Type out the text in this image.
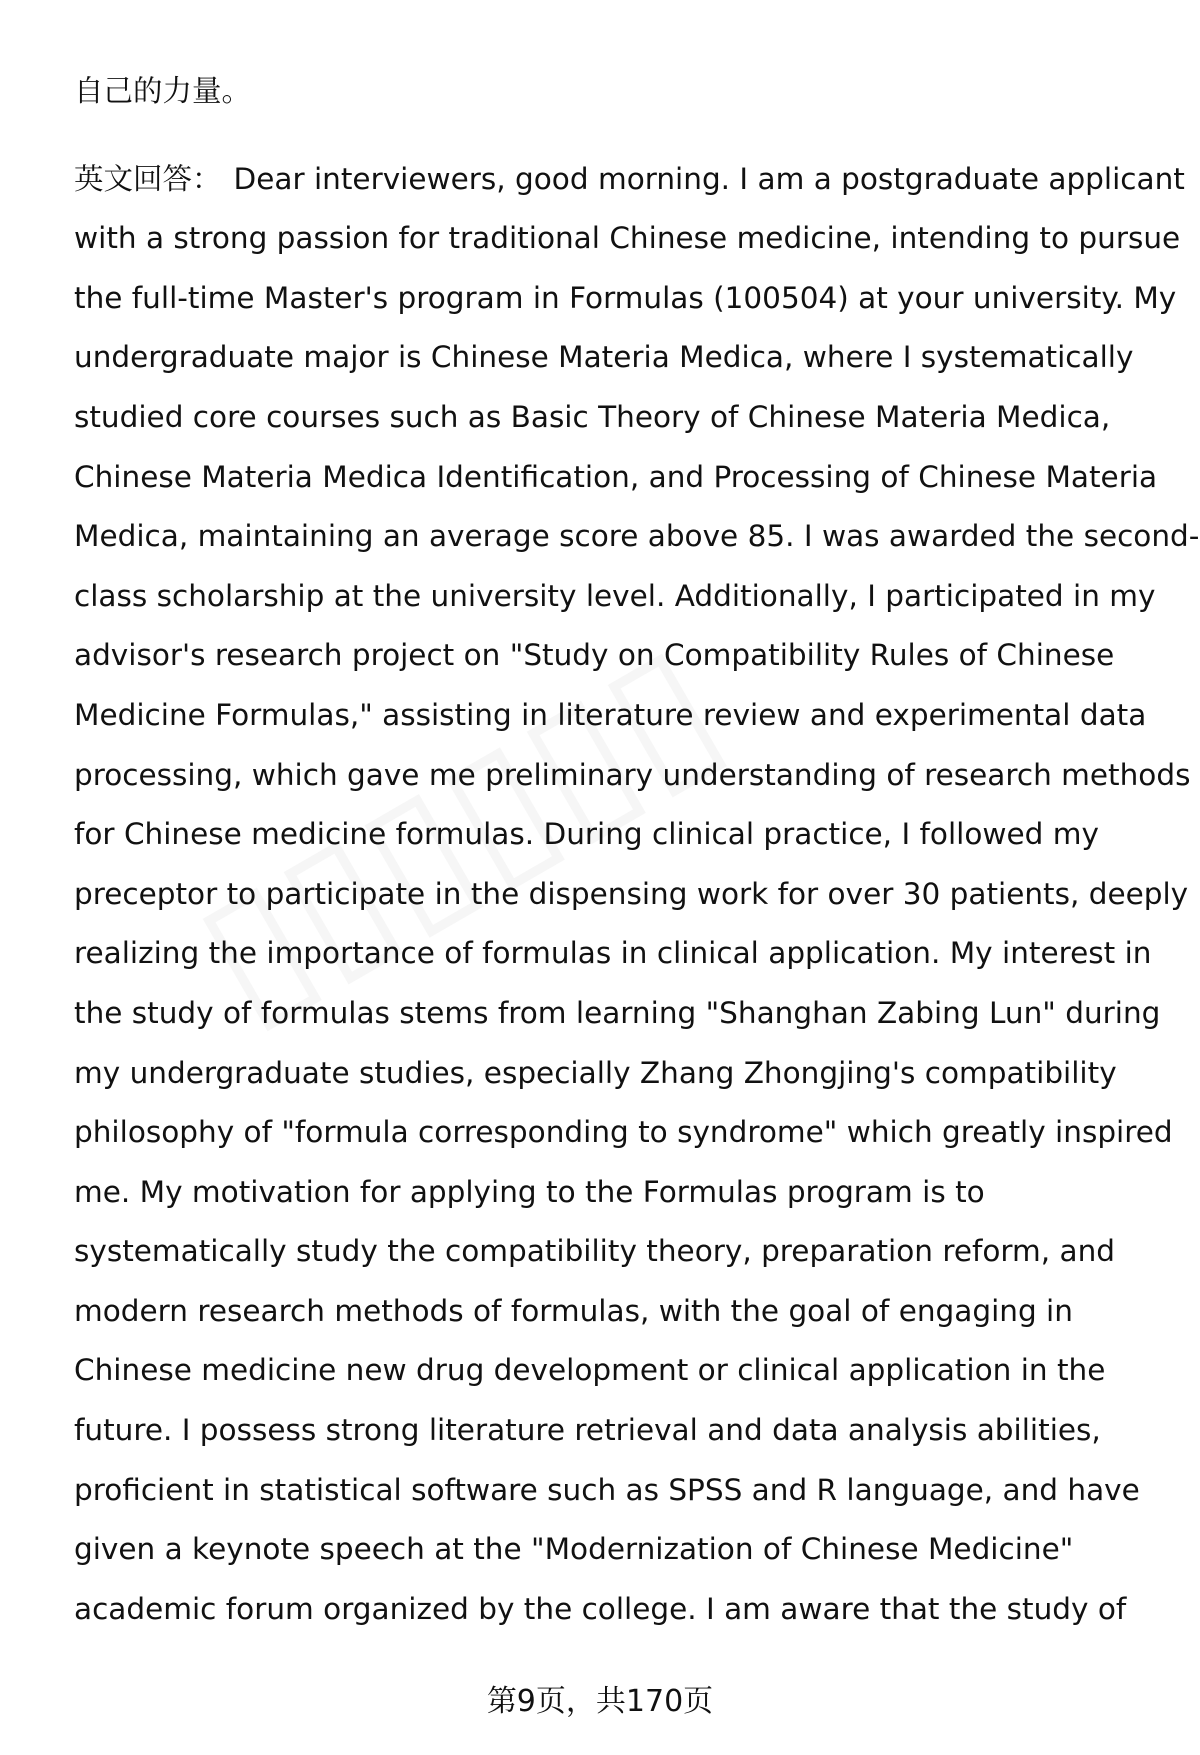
自己的力量。
英文回答： Dear interviewers, good morning. I am a postgraduate applicant
with a strong passion for traditional Chinese medicine, intending to pursue
the full-time Master's program in Formulas (100504) at your university. My
undergraduate major is Chinese Materia Medica, where I systematically
studied core courses such as Basic Theory of Chinese Materia Medica,
Chinese Materia Medica Identification, and Processing of Chinese Materia
Medica, maintaining an average score above 85. I was awarded the second-
class scholarship at the university level. Additionally, I participated in my
advisor's research project on "Study on Compatibility Rules of Chinese
Medicine Formulas," assisting in literature review and experimental data
processing, which gave me preliminary understanding of research methods
for Chinese medicine formulas. During clinical practice, I followed my
preceptor to participate in the dispensing work for over 30 patients, deeply
realizing the importance of formulas in clinical application. My interest in
the study of formulas stems from learning "Shanghan Zabing Lun" during
my undergraduate studies, especially Zhang Zhongjing's compatibility
philosophy of "formula corresponding to syndrome" which greatly inspired
me. My motivation for applying to the Formulas program is to
systematically study the compatibility theory, preparation reform, and
modern research methods of formulas, with the goal of engaging in
Chinese medicine new drug development or clinical application in the
future. I possess strong literature retrieval and data analysis abilities,
proficient in statistical software such as SPSS and R language, and have
given a keynote speech at the "Modernization of Chinese Medicine"
academic forum organized by the college. I am aware that the study of
第9页，共170页
